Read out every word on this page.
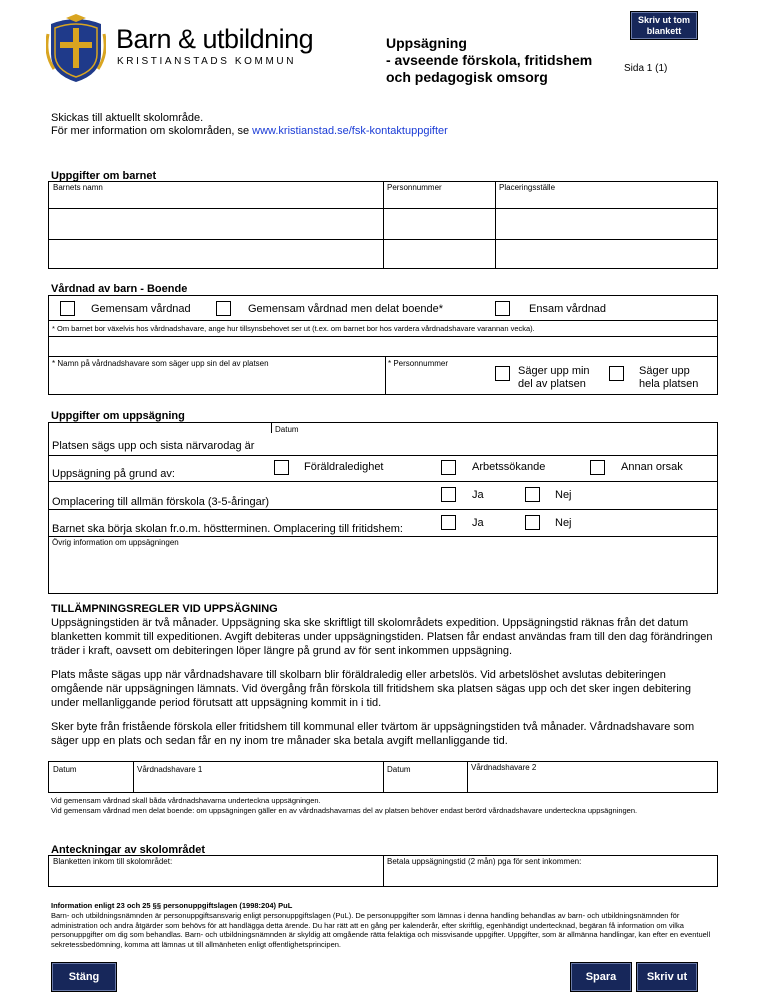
Barn & utbildning
KRISTIANSTADS KOMMUN
Uppsägning
- avseende förskola, fritidshem
och pedagogisk omsorg
Sida 1 (1)
Skriv ut tom
blankett
Skickas till aktuellt skolområde.
För mer information om skolområden, se www.kristianstad.se/fsk-kontaktuppgifter
Uppgifter om barnet
Barnets namn	Personnummer	Placeringsställe
Vårdnad av barn - Boende
Gemensam vårdnad	Gemensam vårdnad men delat boende*	Ensam vårdnad
* Om barnet bor växelvis hos vårdnadshavare, ange hur tillsynsbehovet ser ut (t.ex. om barnet bor hos vardera vårdnadshavare varannan vecka).
* Namn på vårdnadshavare som säger upp sin del av platsen	* Personnummer
Säger upp min
del av platsen
Säger upp
hela platsen
Uppgifter om uppsägning
Datum
Platsen sägs upp och sista närvarodag är
Uppsägning på grund av:
Föräldraledighet	Arbetssökande	Annan orsak
Omplacering till allmän förskola (3-5-åringar)
Ja	Nej
Barnet ska börja skolan fr.o.m. höstterminen. Omplacering till fritidshem:	Ja	Nej
Övrig information om uppsägningen
TILLÄMPNINGSREGLER VID UPPSÄGNING

Uppsägningstiden är två månader. Uppsägning ska ske skriftligt till skolområdets expedition. Uppsägningstid räknas från det datum blanketten kommit till expeditionen. Avgift debiteras under uppsägningstiden. Platsen får endast användas fram till den dag förändringen träder i kraft, oavsett om debiteringen löper längre på grund av för sent inkommen uppsägning.

Plats måste sägas upp när vårdnadshavare till skolbarn blir föräldraledig eller arbetslös. Vid arbetslöshet avslutas debiteringen omgående när uppsägningen lämnats. Vid övergång från förskola till fritidshem ska platsen sägas upp och det sker ingen debitering under mellanliggande period förutsatt att uppsägning kommit in i tid.

Sker byte från fristående förskola eller fritidshem till kommunal eller tvärtom är uppsägningstiden två månader. Vårdnadshavare som säger upp en plats och sedan får en ny inom tre månader ska betala avgift mellanliggande tid.

Datum	Vårdnadshavare 1	Datum	Vårdnadshavare 2
Vid gemensam vårdnad skall båda vårdnadshavarna underteckna uppsägningen.
Vid gemensam vårdnad men delat boende: om uppsägningen gäller en av vårdnadshavarnas del av platsen behöver endast berörd vårdnadshavare underteckna uppsägningen.
Anteckningar av skolområdet
Blanketten inkom till skolområdet:	Betala uppsägningstid (2 mån) pga för sent inkommen:
Information enligt 23 och 25 §§ personuppgiftslagen (1998:204) PuL
Barn- och utbildningsnämnden är personuppgiftsansvarig enligt personuppgiftslagen (PuL). De personuppgifter som lämnas i denna handling behandlas av barn- och utbildningsnämnden för administration och andra åtgärder som behövs för att handlägga detta ärende. Du har rätt att en gång per kalenderår, efter skriftlig, egenhändigt undertecknad, begäran få information om vilka personuppgifter om dig som behandlas. Barn- och utbildningsnämnden är skyldig att omgående rätta felaktiga och missvisande uppgifter. Uppgifter, som är allmänna handlingar, kan efter en eventuell sekretessbedömning, komma att lämnas ut till allmänheten enligt offentlighetsprincipen.
Stäng	Spara	Skriv ut
